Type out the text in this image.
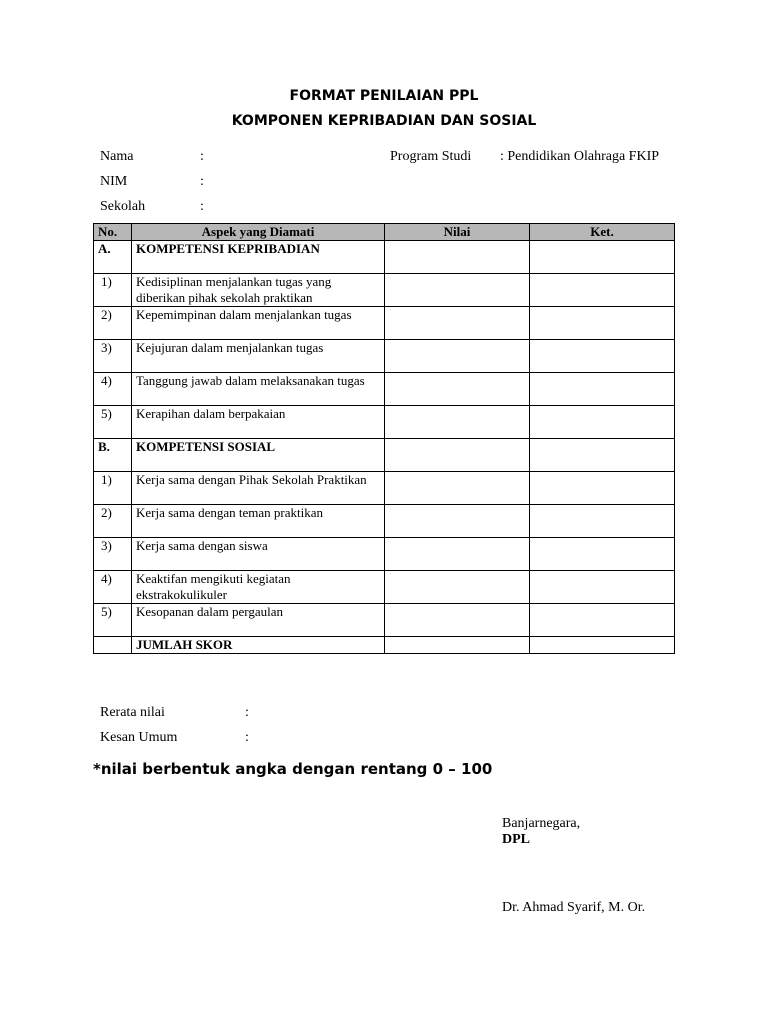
FORMAT PENILAIAN PPL
KOMPONEN KEPRIBADIAN DAN SOSIAL
Nama	:	Program Studi : Pendidikan Olahraga FKIP
NIM	:
Sekolah	:
No.	Aspek yang Diamati	Nilai	Ket.
A.	KOMPETENSI KEPRIBADIAN		
1)	Kedisiplinan menjalankan tugas yang diberikan pihak sekolah praktikan		
2)	Kepemimpinan dalam menjalankan tugas		
3)	Kejujuran dalam menjalankan tugas		
4)	Tanggung jawab dalam melaksanakan tugas		
5)	Kerapihan dalam berpakaian		
B.	KOMPETENSI SOSIAL		
1)	Kerja sama dengan Pihak Sekolah Praktikan		
2)	Kerja sama dengan teman praktikan		
3)	Kerja sama dengan siswa		
4)	Keaktifan mengikuti kegiatan ekstrakokulikuler		
5)	Kesopanan dalam pergaulan		
	JUMLAH SKOR		
Rerata nilai	:
Kesan Umum	:
*nilai berbentuk angka dengan rentang 0 – 100
Banjarnegara,
DPL
Dr. Ahmad Syarif, M. Or.
